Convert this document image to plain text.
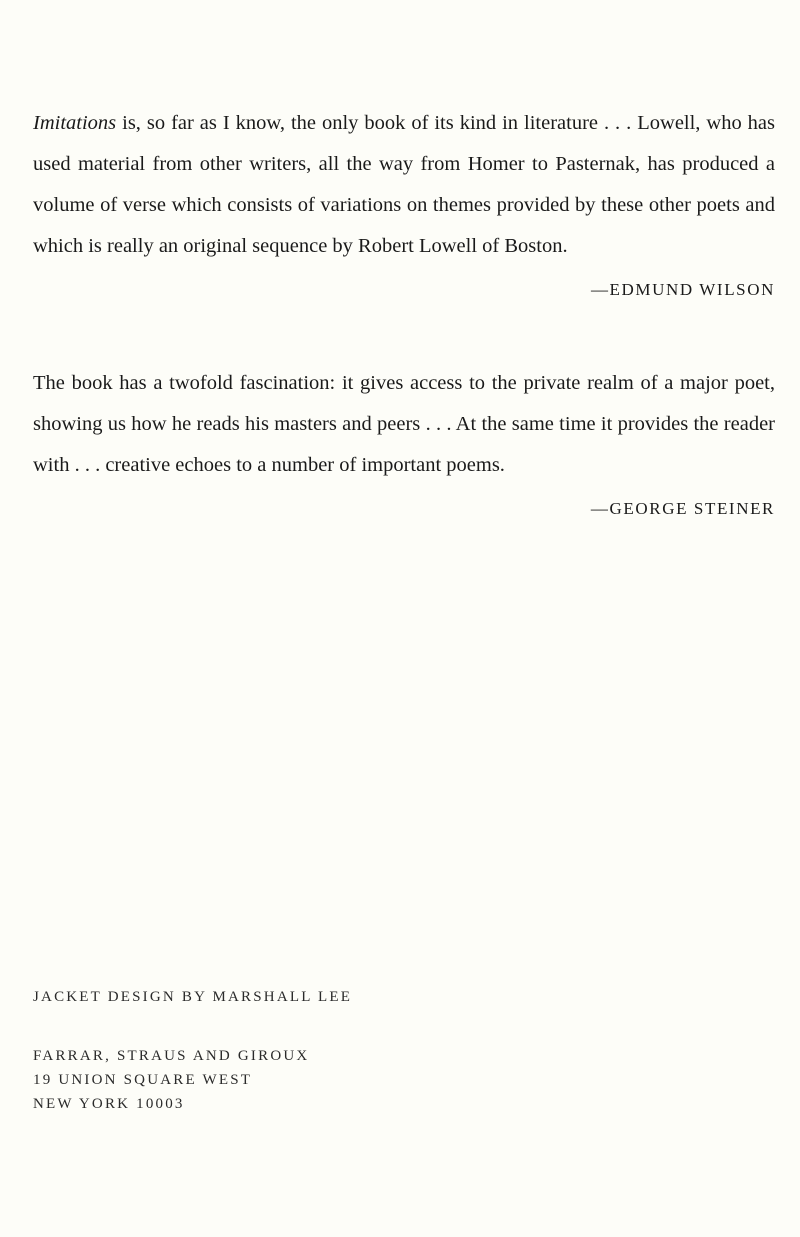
Imitations is, so far as I know, the only book of its kind in literature . . . Lowell, who has used material from other writers, all the way from Homer to Pasternak, has produced a volume of verse which consists of variations on themes provided by these other poets and which is really an original sequence by Robert Lowell of Boston.
—EDMUND WILSON
The book has a twofold fascination: it gives access to the private realm of a major poet, showing us how he reads his masters and peers . . . At the same time it provides the reader with . . . creative echoes to a number of important poems.
—GEORGE STEINER
JACKET DESIGN BY MARSHALL LEE
FARRAR, STRAUS AND GIROUX
19 UNION SQUARE WEST
NEW YORK 10003
